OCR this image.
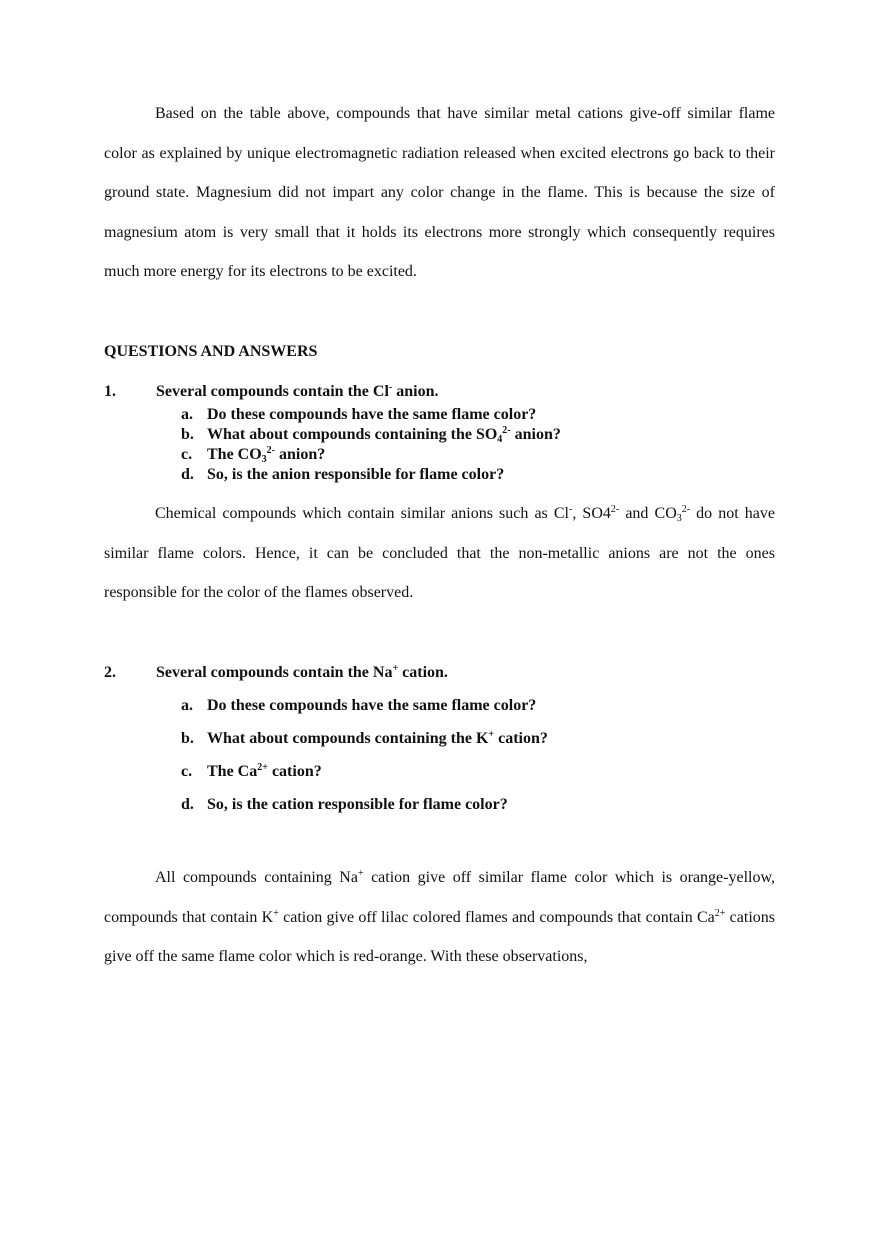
Based on the table above, compounds that have similar metal cations give-off similar flame color as explained by unique electromagnetic radiation released when excited electrons go back to their ground state. Magnesium did not impart any color change in the flame. This is because the size of magnesium atom is very small that it holds its electrons more strongly which consequently requires much more energy for its electrons to be excited.

QUESTIONS AND ANSWERS

1.	Several compounds contain the Cl- anion.
a. Do these compounds have the same flame color?
b. What about compounds containing the $SO_4^{2-}$ anion?
c. The $CO_3^{2-}$ anion?
d. So, is the anion responsible for flame color?

Chemical compounds which contain similar anions such as Cl-, $SO4^{2-}$ and $CO_3^{2-}$ do not have similar flame colors. Hence, it can be concluded that the non-metallic anions are not the ones responsible for the color of the flames observed.

2.	Several compounds contain the Na+ cation.
a. Do these compounds have the same flame color?
b. What about compounds containing the K+ cation?
c. The $Ca^{2+}$ cation?
d. So, is the cation responsible for flame color?

All compounds containing Na+ cation give off similar flame color which is orange-yellow, compounds that contain K+ cation give off lilac colored flames and compounds that contain $Ca^{2+}$ cations give off the same flame color which is red-orange. With these observations,
